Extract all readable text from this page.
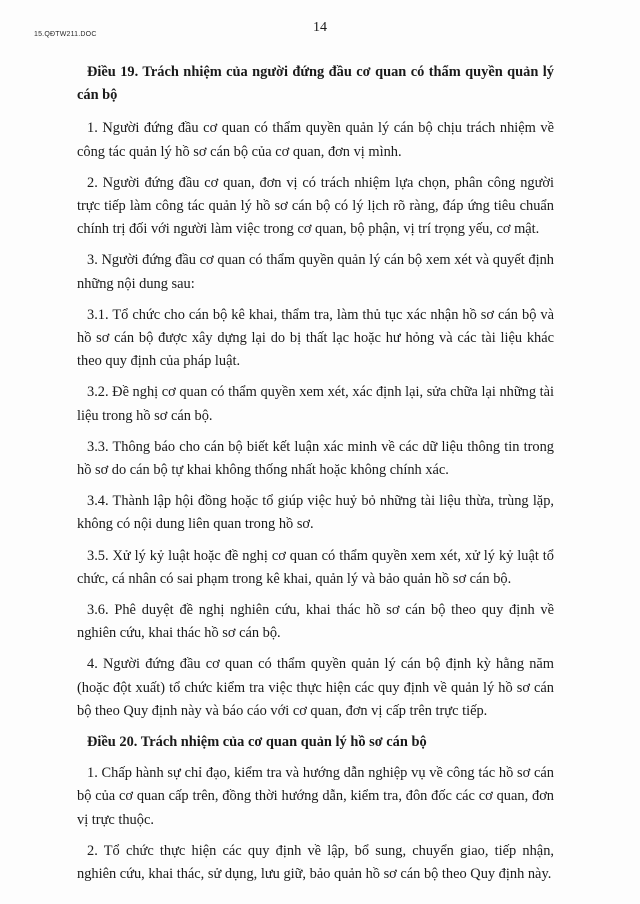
15.QĐTW211.DOC	14

Điều 19. Trách nhiệm của người đứng đầu cơ quan có thẩm quyền quản lý cán bộ

1. Người đứng đầu cơ quan có thẩm quyền quản lý cán bộ chịu trách nhiệm về công tác quản lý hồ sơ cán bộ của cơ quan, đơn vị mình.

2. Người đứng đầu cơ quan, đơn vị có trách nhiệm lựa chọn, phân công người trực tiếp làm công tác quản lý hồ sơ cán bộ có lý lịch rõ ràng, đáp ứng tiêu chuẩn chính trị đối với người làm việc trong cơ quan, bộ phận, vị trí trọng yếu, cơ mật.

3. Người đứng đầu cơ quan có thẩm quyền quản lý cán bộ xem xét và quyết định những nội dung sau:

3.1. Tổ chức cho cán bộ kê khai, thẩm tra, làm thủ tục xác nhận hồ sơ cán bộ và hồ sơ cán bộ được xây dựng lại do bị thất lạc hoặc hư hỏng và các tài liệu khác theo quy định của pháp luật.

3.2. Đề nghị cơ quan có thẩm quyền xem xét, xác định lại, sửa chữa lại những tài liệu trong hồ sơ cán bộ.

3.3. Thông báo cho cán bộ biết kết luận xác minh về các dữ liệu thông tin trong hồ sơ do cán bộ tự khai không thống nhất hoặc không chính xác.

3.4. Thành lập hội đồng hoặc tổ giúp việc huỷ bỏ những tài liệu thừa, trùng lặp, không có nội dung liên quan trong hồ sơ.

3.5. Xử lý kỷ luật hoặc đề nghị cơ quan có thẩm quyền xem xét, xử lý kỷ luật tổ chức, cá nhân có sai phạm trong kê khai, quản lý và bảo quản hồ sơ cán bộ.

3.6. Phê duyệt đề nghị nghiên cứu, khai thác hồ sơ cán bộ theo quy định về nghiên cứu, khai thác hồ sơ cán bộ.

4. Người đứng đầu cơ quan có thẩm quyền quản lý cán bộ định kỳ hằng năm (hoặc đột xuất) tổ chức kiểm tra việc thực hiện các quy định về quản lý hồ sơ cán bộ theo Quy định này và báo cáo với cơ quan, đơn vị cấp trên trực tiếp.

Điều 20. Trách nhiệm của cơ quan quản lý hồ sơ cán bộ

1. Chấp hành sự chỉ đạo, kiểm tra và hướng dẫn nghiệp vụ về công tác hồ sơ cán bộ của cơ quan cấp trên, đồng thời hướng dẫn, kiểm tra, đôn đốc các cơ quan, đơn vị trực thuộc.

2. Tổ chức thực hiện các quy định về lập, bổ sung, chuyển giao, tiếp nhận, nghiên cứu, khai thác, sử dụng, lưu giữ, bảo quản hồ sơ cán bộ theo Quy định này.
